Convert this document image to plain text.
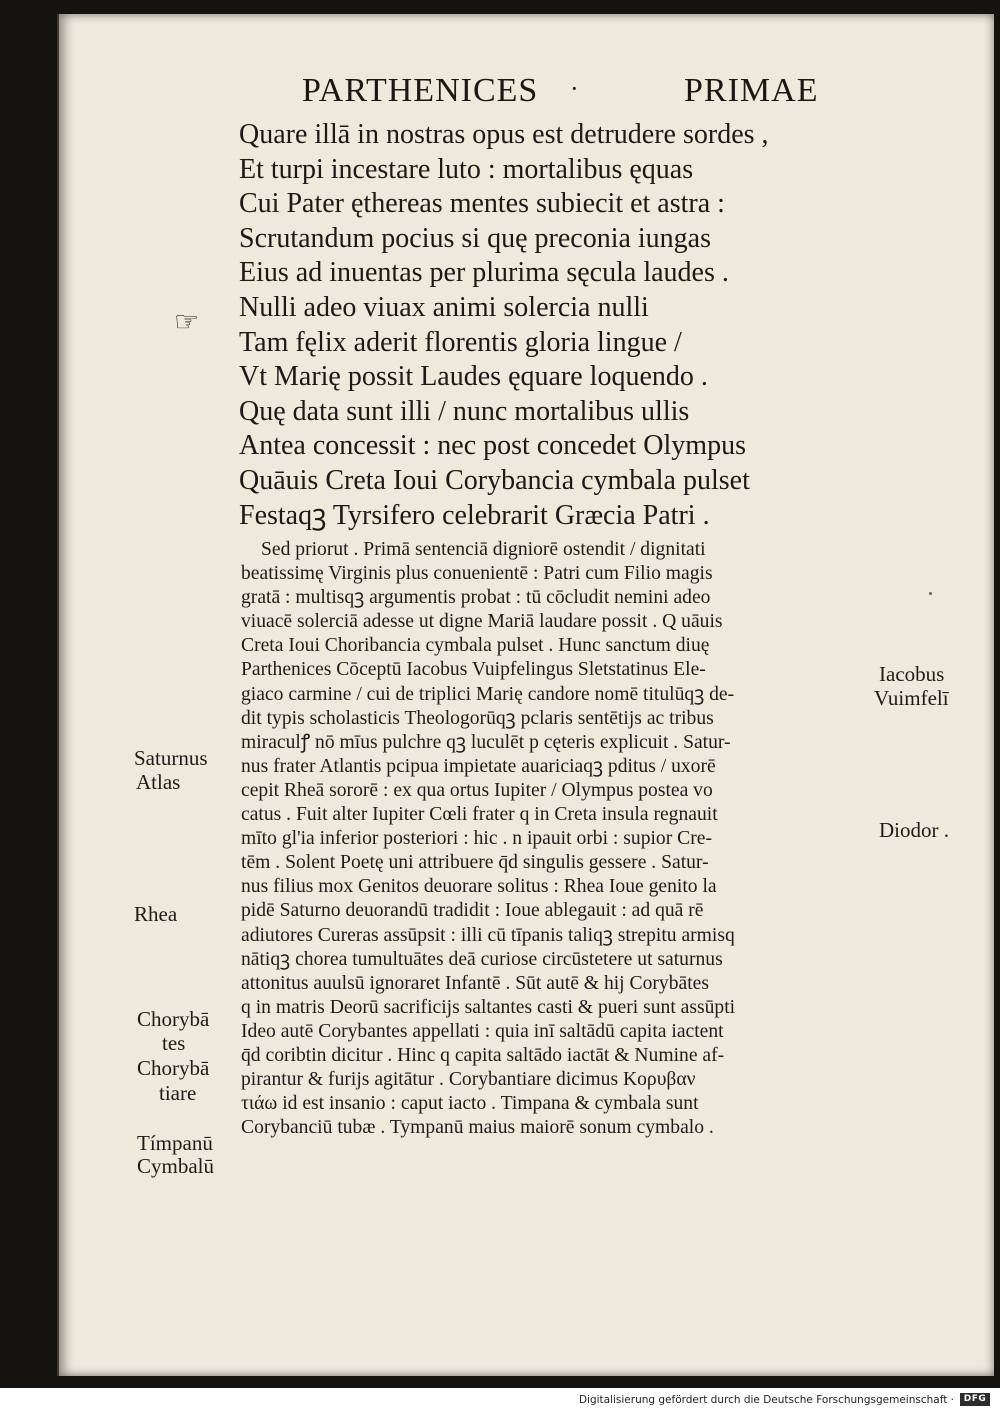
PARTHENICES ·	PRIMAE
☞
Quare illā in nostras opus est detrudere sordes ,
Et turpi incestare luto : mortalibus ęquas
Cui Pater ęthereas mentes subiecit et astra :
Scrutandum pocius si quę preconia iungas
Eius ad inuentas per plurima sęcula laudes .
Nulli adeo viuax animi solercia nulli
Tam fęlix aderit florentis gloria lingue /
Vt Marię possit Laudes ęquare loquendo .
Quę data sunt illi / nunc mortalibus ullis
Antea concessit : nec post concedet Olympus
Quāuis Creta Ioui Corybancia cymbala pulset
Festaqꝫ Tyrsifero celebrarit Græcia Patri .
Sed priorut . Primā sentenciā digniorē ostendit / dignitati
beatissimę Virginis plus conuenientē : Patri cum Filio magis
gratā : multisqꝫ argumentis probat : tū cōcludit nemini adeo
viuacē solerciā adesse ut digne Mariā laudare possit . Q uāuis
Creta Ioui Choribancia cymbala pulset . Hunc sanctum diuę
Parthenices Cōceptū Iacobus Vuipfelingus Sletstatinus Ele-
giaco carmine / cui de triplici Marię candore nomē titulūqꝫ de-
dit typis scholasticis Theologorūqꝫ pclaris sentētijs ac tribus
miraculꝭ nō mīus pulchre qꝫ luculēt p cęteris explicuit . Satur-
nus frater Atlantis pcipua impietate auariciaqꝫ pditus / uxorē
cepit Rheā sororē : ex qua ortus Iupiter / Olympus postea vo
catus . Fuit alter Iupiter Cœli frater q in Creta insula regnauit
mīto gl'ia inferior posteriori : hic . n ipauit orbi : supior Cre-
tēm . Solent Poetę uni attribuere q̄d singulis gessere . Satur-
nus filius mox Genitos deuorare solitus : Rhea Ioue genito la
pidē Saturno deuorandū tradidit : Ioue ablegauit : ad quā rē
adiutores Cureras assūpsit : illi cū tīpanis taliqꝫ strepitu armisq
nātiqꝫ chorea tumultuātes deā curiose circūstetere ut saturnus
attonitus auulsū ignoraret Infantē . Sūt autē & hij Corybātes
q in matris Deorū sacrificijs saltantes casti & pueri sunt assūpti
Ideo autē Corybantes appellati : quia inī saltādū capita iactent
q̄d coribtin dicitur . Hinc q capita saltādo iactāt & Numine af-
pirantur & furijs agitātur . Corybantiare dicimus Κορυβαν
τιάω id est insanio : caput iacto . Timpana & cymbala sunt
Corybanciū tubæ . Tympanū maius maiorē sonum cymbalo .
Saturnus
Atlas
Rhea
Chorybā
tes
Chorybā
tiare
Tímpanū
Cymbalū
Iacobus
Vuimfelī
Diodor .
Digitalisierung gefördert durch die Deutsche Forschungsgemeinschaft ·	DFG
